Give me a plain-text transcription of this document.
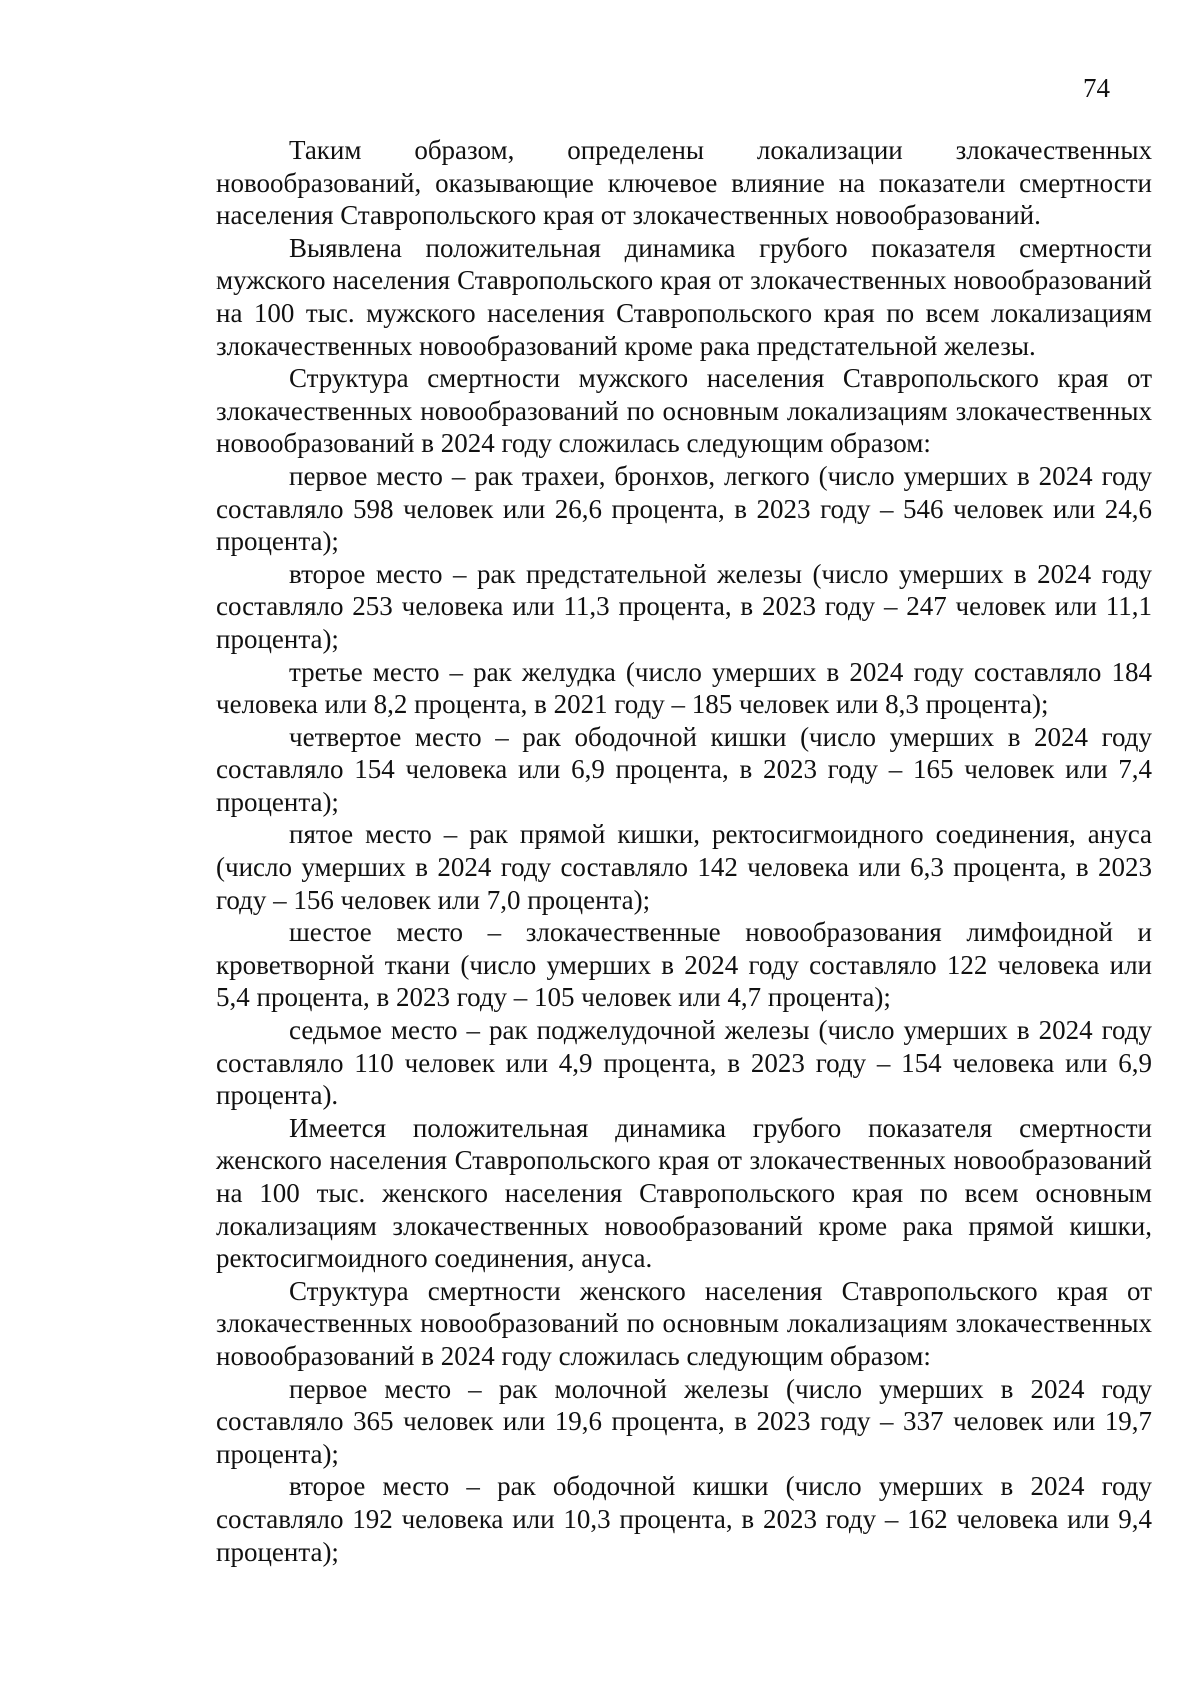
74

Таким образом, определены локализации злокачественных новообразований, оказывающие ключевое влияние на показатели смертности населения Ставропольского края от злокачественных новообразований.

Выявлена положительная динамика грубого показателя смертности мужского населения Ставропольского края от злокачественных новообразований на 100 тыс. мужского населения Ставропольского края по всем локализациям злокачественных новообразований кроме рака предстательной железы.

Структура смертности мужского населения Ставропольского края от злокачественных новообразований по основным локализациям злокачественных новообразований в 2024 году сложилась следующим образом:

первое место – рак трахеи, бронхов, легкого (число умерших в 2024 году составляло 598 человек или 26,6 процента, в 2023 году – 546 человек или 24,6 процента);

второе место – рак предстательной железы (число умерших в 2024 году составляло 253 человека или 11,3 процента, в 2023 году – 247 человек или 11,1 процента);

третье место – рак желудка (число умерших в 2024 году составляло 184 человека или 8,2 процента, в 2021 году – 185 человек или 8,3 процента);

четвертое место – рак ободочной кишки (число умерших в 2024 году составляло 154 человека или 6,9 процента, в 2023 году – 165 человек или 7,4 процента);

пятое место – рак прямой кишки, ректосигмоидного соединения, ануса (число умерших в 2024 году составляло 142 человека или 6,3 процента, в 2023 году – 156 человек или 7,0 процента);

шестое место – злокачественные новообразования лимфоидной и кроветворной ткани (число умерших в 2024 году составляло 122 человека или 5,4 процента, в 2023 году – 105 человек или 4,7 процента);

седьмое место – рак поджелудочной железы (число умерших в 2024 году составляло 110 человек или 4,9 процента, в 2023 году – 154 человека или 6,9 процента).

Имеется положительная динамика грубого показателя смертности женского населения Ставропольского края от злокачественных новообразований на 100 тыс. женского населения Ставропольского края по всем основным локализациям злокачественных новообразований кроме рака прямой кишки, ректосигмоидного соединения, ануса.

Структура смертности женского населения Ставропольского края от злокачественных новообразований по основным локализациям злокачественных новообразований в 2024 году сложилась следующим образом:

первое место – рак молочной железы (число умерших в 2024 году составляло 365 человек или 19,6 процента, в 2023 году – 337 человек или 19,7 процента);

второе место – рак ободочной кишки (число умерших в 2024 году составляло 192 человека или 10,3 процента, в 2023 году – 162 человека или 9,4 процента);
